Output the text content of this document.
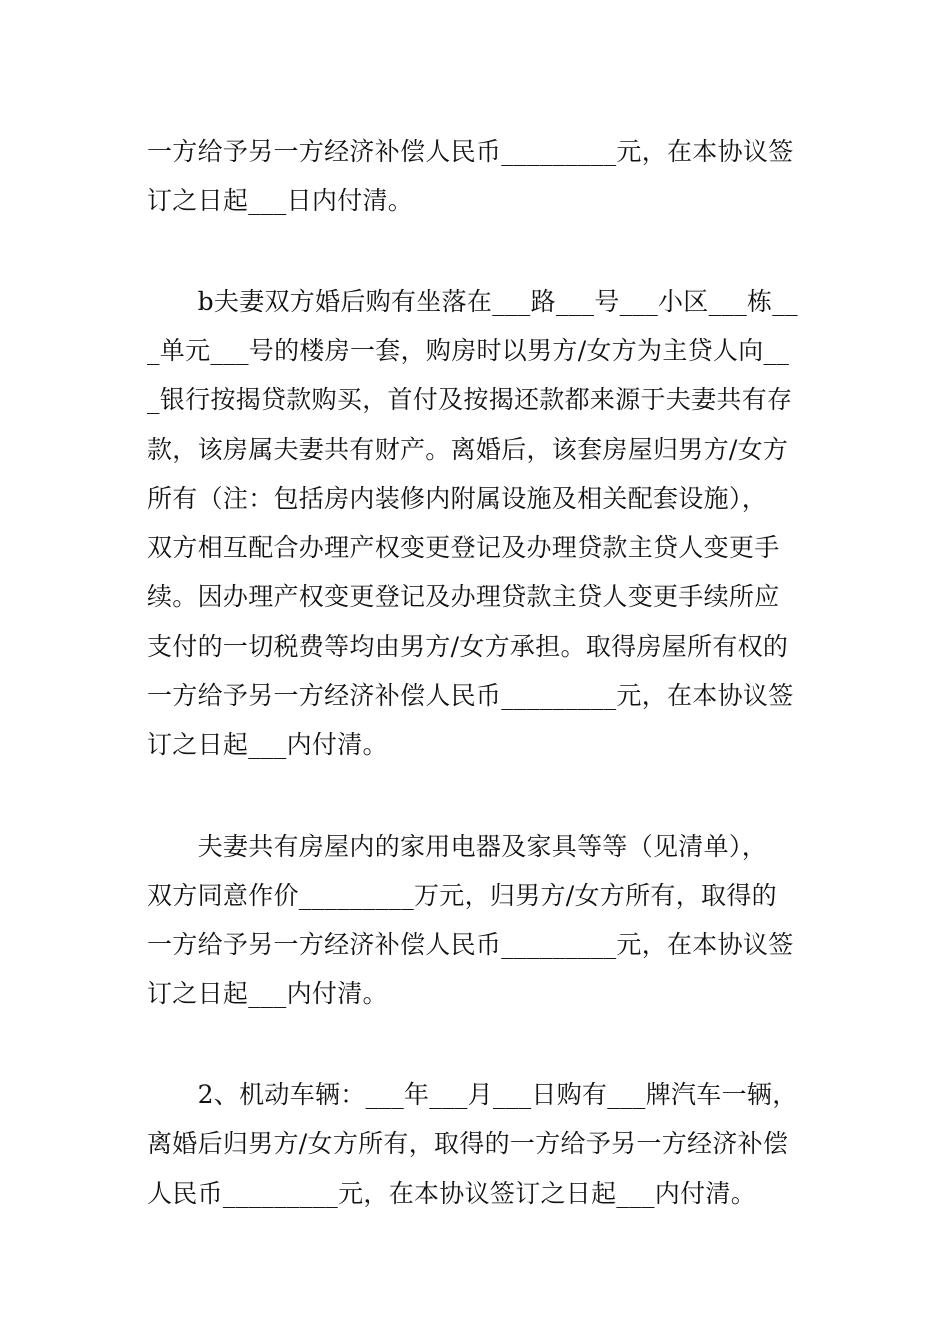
一方给予另一方经济补偿人民币_________元，在本协议签
订之日起___日内付清。
　　b夫妻双方婚后购有坐落在___路___号___小区___栋__
_单元___号的楼房一套，购房时以男方/女方为主贷人向__
_银行按揭贷款购买，首付及按揭还款都来源于夫妻共有存
款，该房属夫妻共有财产。离婚后，该套房屋归男方/女方
所有（注：包括房内装修内附属设施及相关配套设施），
双方相互配合办理产权变更登记及办理贷款主贷人变更手
续。因办理产权变更登记及办理贷款主贷人变更手续所应
支付的一切税费等均由男方/女方承担。取得房屋所有权的
一方给予另一方经济补偿人民币_________元，在本协议签
订之日起___内付清。
　　夫妻共有房屋内的家用电器及家具等等（见清单），
双方同意作价_________万元，归男方/女方所有，取得的
一方给予另一方经济补偿人民币_________元，在本协议签
订之日起___内付清。
　　2、机动车辆：___年___月___日购有___牌汽车一辆，
离婚后归男方/女方所有，取得的一方给予另一方经济补偿
人民币_________元，在本协议签订之日起___内付清。
